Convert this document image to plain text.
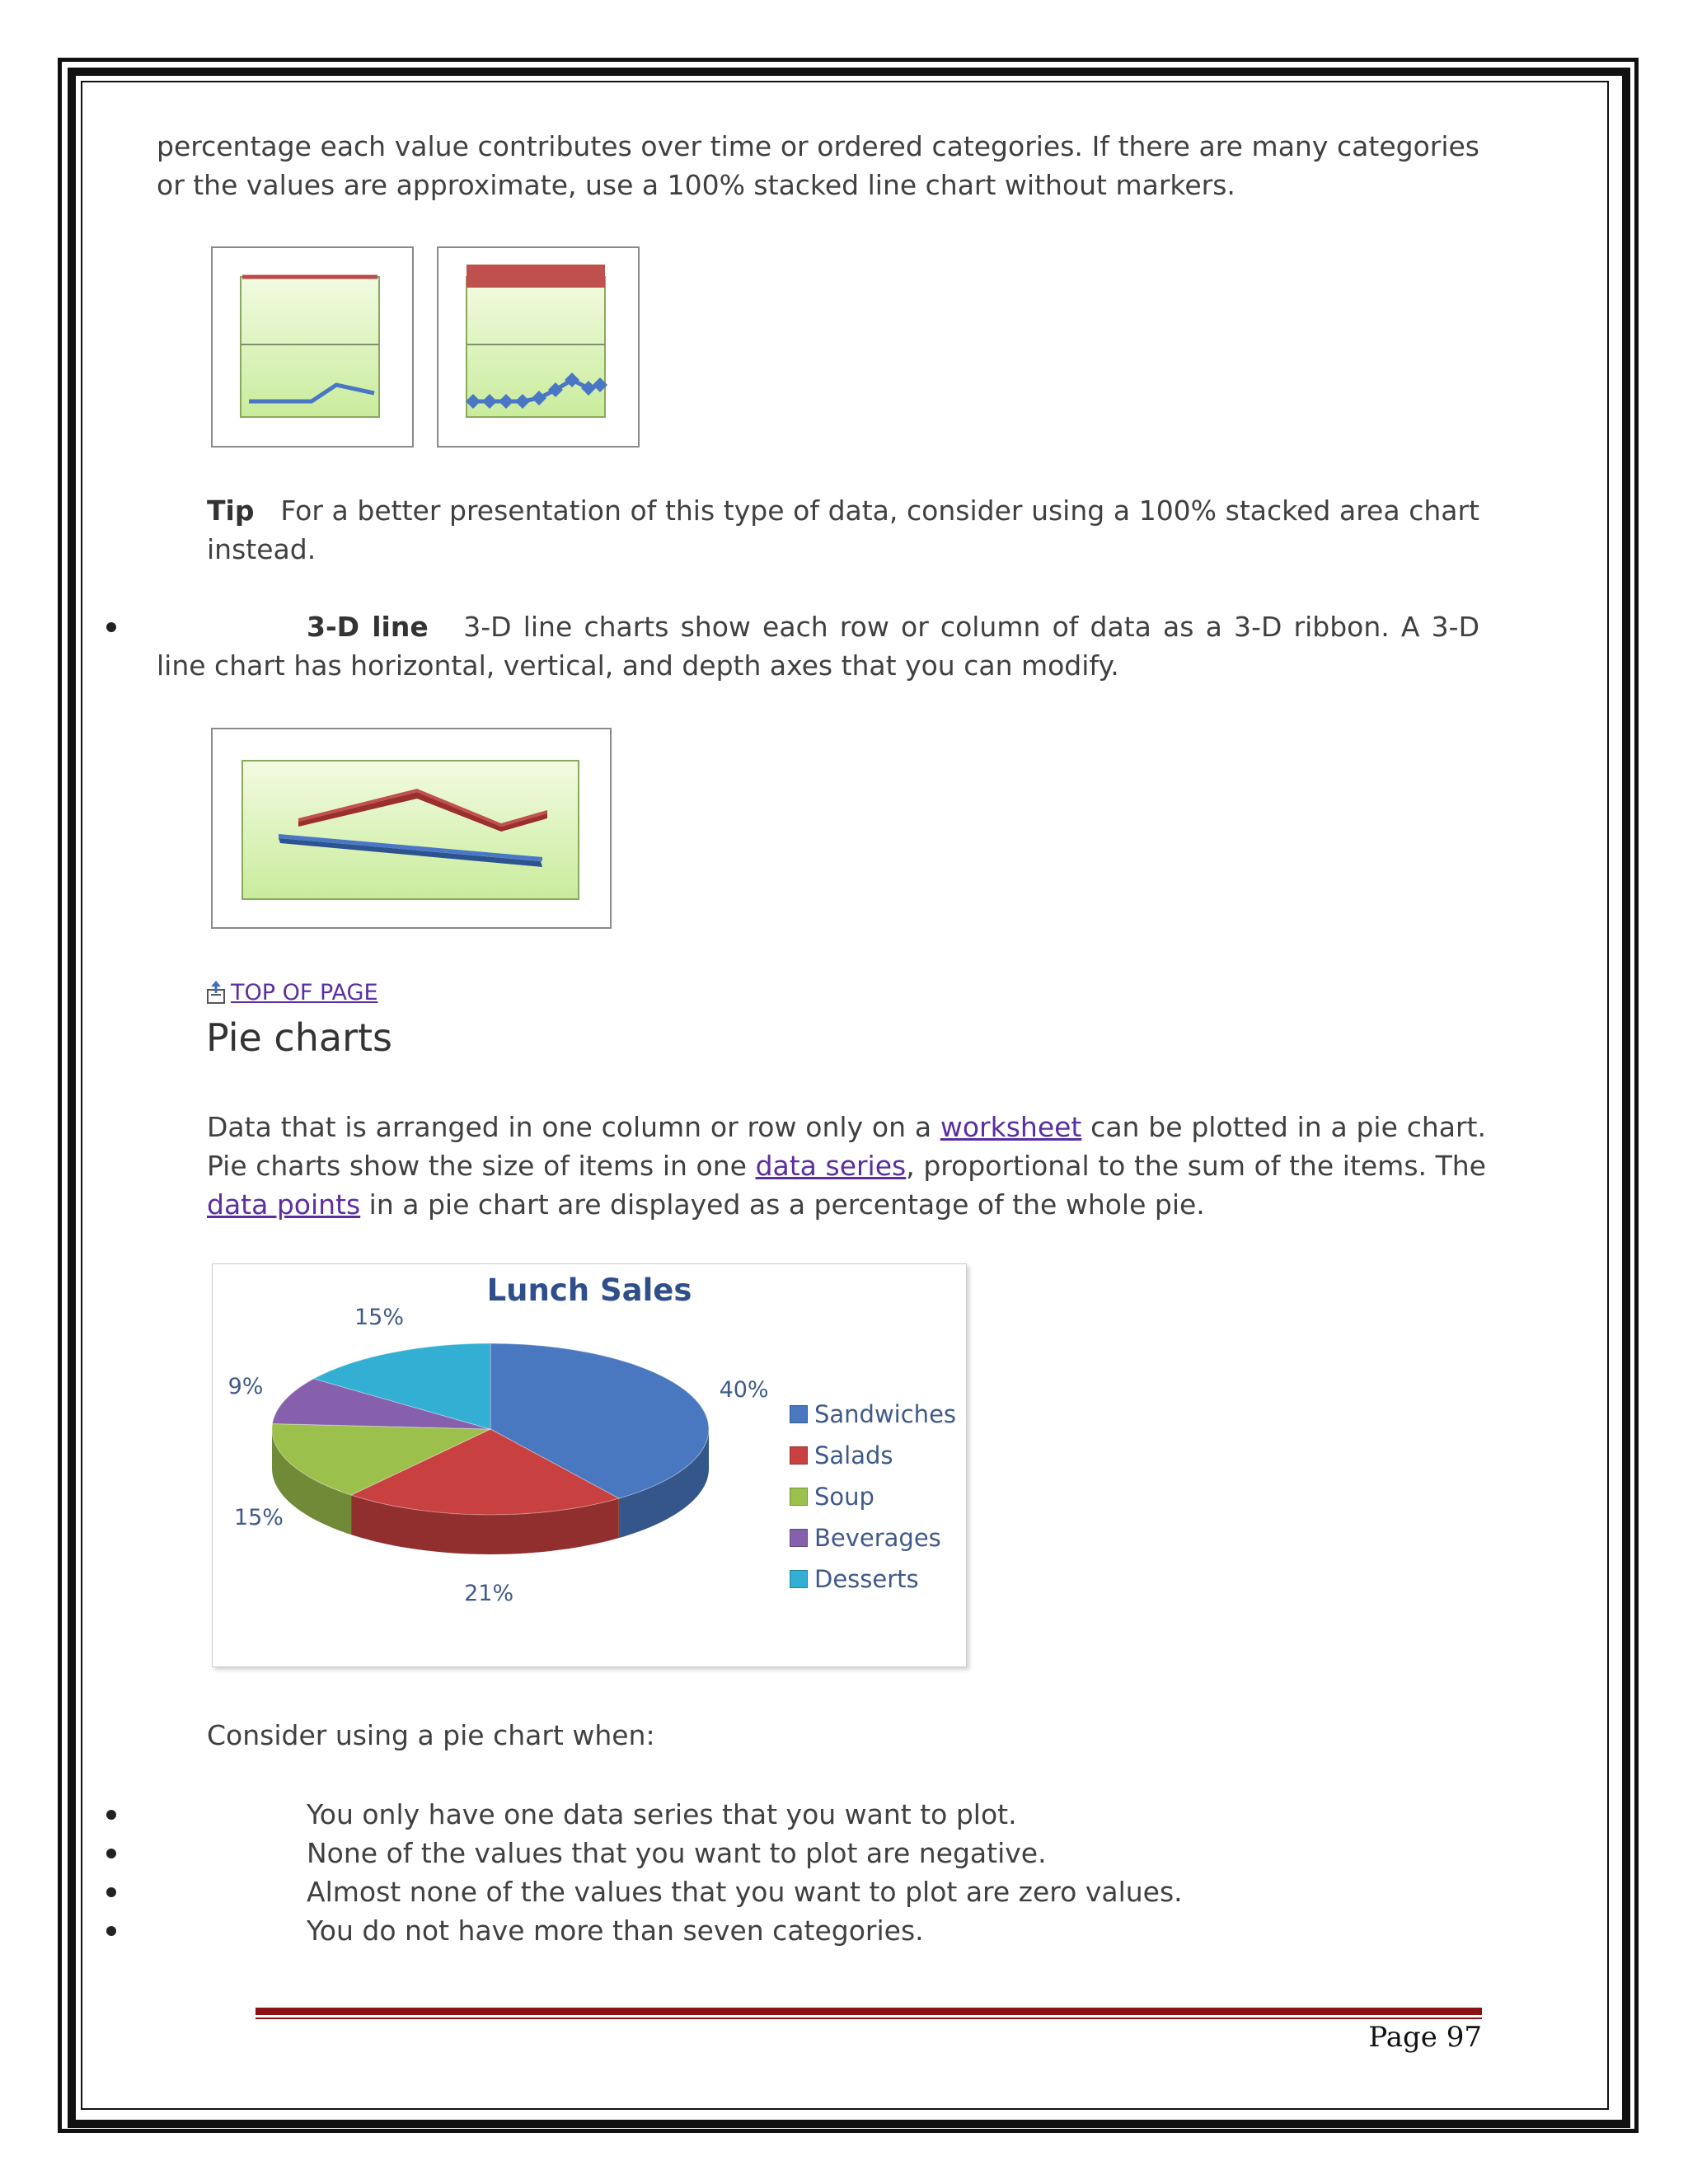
percentage each value contributes over time or ordered categories. If there are many categories or the values are approximate, use a 100% stacked line chart without markers.
Tip For a better presentation of this type of data, consider using a 100% stacked area chart instead.
3-D line 3-D line charts show each row or column of data as a 3-D ribbon. A 3-D line chart has horizontal, vertical, and depth axes that you can modify.
TOP OF PAGE
Pie charts
Data that is arranged in one column or row only on a worksheet can be plotted in a pie chart. Pie charts show the size of items in one data series, proportional to the sum of the items. The data points in a pie chart are displayed as a percentage of the whole pie.
Lunch Sales
40%
21%
15%
9%
15%
Sandwiches
Salads
Soup
Beverages
Desserts
Consider using a pie chart when:
You only have one data series that you want to plot.
None of the values that you want to plot are negative.
Almost none of the values that you want to plot are zero values.
You do not have more than seven categories.
Page 97
